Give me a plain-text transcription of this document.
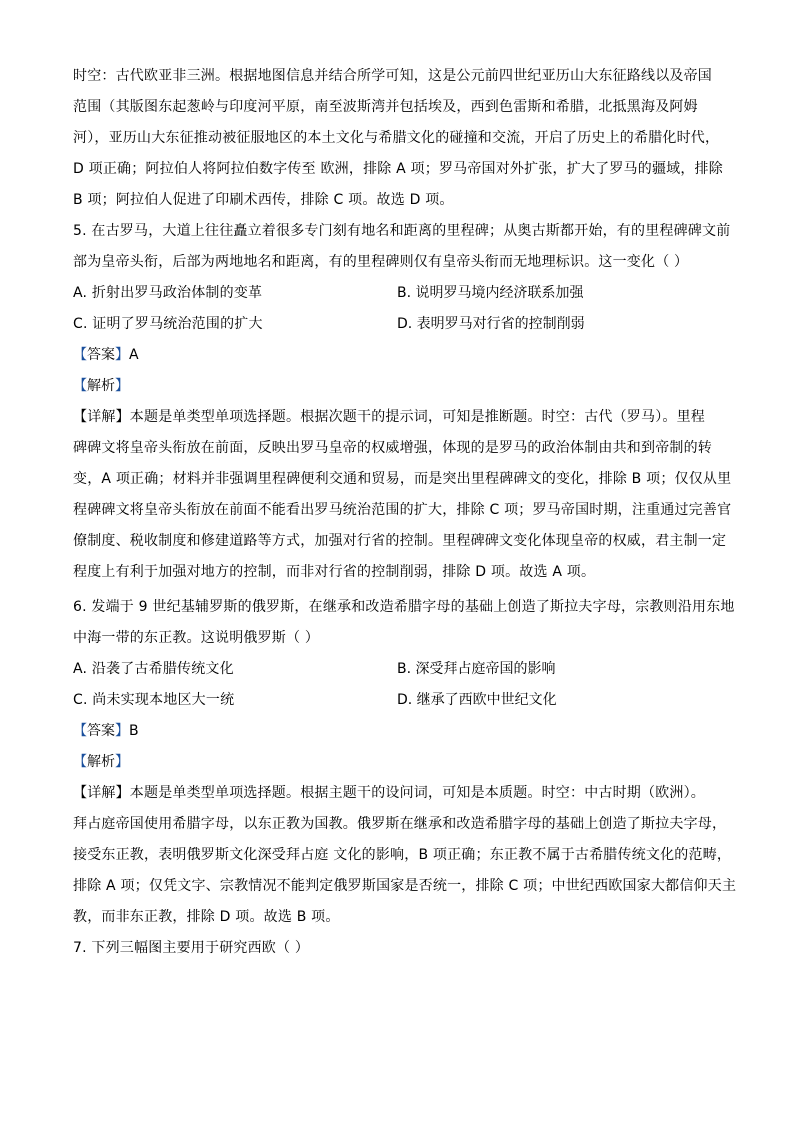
时空：古代欧亚非三洲。根据地图信息并结合所学可知，这是公元前四世纪亚历山大东征路线以及帝国
范围（其版图东起葱岭与印度河平原，南至波斯湾并包括埃及，西到色雷斯和希腊，北抵黑海及阿姆
河），亚历山大东征推动被征服地区的本土文化与希腊文化的碰撞和交流，开启了历史上的希腊化时代，
D 项正确；阿拉伯人将阿拉伯数字传至 欧洲，排除 A 项；罗马帝国对外扩张，扩大了罗马的疆域，排除
B 项；阿拉伯人促进了印刷术西传，排除 C 项。故选 D 项。
5. 在古罗马，大道上往往矗立着很多专门刻有地名和距离的里程碑；从奥古斯都开始，有的里程碑碑文前
部为皇帝头衔，后部为两地地名和距离，有的里程碑则仅有皇帝头衔而无地理标识。这一变化（ ）
A. 折射出罗马政治体制的变革	B. 说明罗马境内经济联系加强
C. 证明了罗马统治范围的扩大	D. 表明罗马对行省的控制削弱
【答案】A
【解析】
【详解】本题是单类型单项选择题。根据次题干的提示词，可知是推断题。时空：古代（罗马）。里程
碑碑文将皇帝头衔放在前面，反映出罗马皇帝的权威增强，体现的是罗马的政治体制由共和到帝制的转
变，A 项正确；材料并非强调里程碑便利交通和贸易，而是突出里程碑碑文的变化，排除 B 项；仅仅从里
程碑碑文将皇帝头衔放在前面不能看出罗马统治范围的扩大，排除 C 项；罗马帝国时期，注重通过完善官
僚制度、税收制度和修建道路等方式，加强对行省的控制。里程碑碑文变化体现皇帝的权威，君主制一定
程度上有利于加强对地方的控制，而非对行省的控制削弱，排除 D 项。故选 A 项。
6. 发端于 9 世纪基辅罗斯的俄罗斯，在继承和改造希腊字母的基础上创造了斯拉夫字母，宗教则沿用东地
中海一带的东正教。这说明俄罗斯（ ）
A. 沿袭了古希腊传统文化	B. 深受拜占庭帝国的影响
C. 尚未实现本地区大一统	D. 继承了西欧中世纪文化
【答案】B
【解析】
【详解】本题是单类型单项选择题。根据主题干的设问词，可知是本质题。时空：中古时期（欧洲）。
拜占庭帝国使用希腊字母，以东正教为国教。俄罗斯在继承和改造希腊字母的基础上创造了斯拉夫字母，
接受东正教，表明俄罗斯文化深受拜占庭 文化的影响，B 项正确；东正教不属于古希腊传统文化的范畴，
排除 A 项；仅凭文字、宗教情况不能判定俄罗斯国家是否统一，排除 C 项；中世纪西欧国家大都信仰天主
教，而非东正教，排除 D 项。故选 B 项。
7. 下列三幅图主要用于研究西欧（ ）
